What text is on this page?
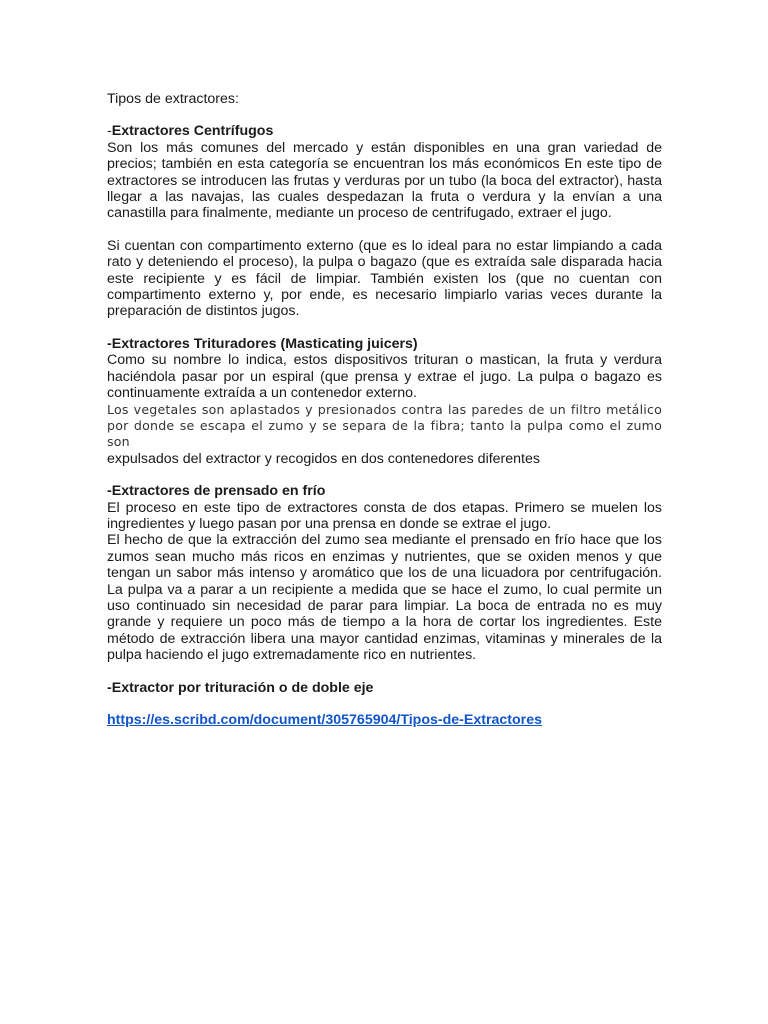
Tipos de extractores:

-Extractores Centrífugos

Son los más comunes del mercado y están disponibles en una gran variedad de precios; también en esta categoría se encuentran los más económicos En este tipo de extractores se introducen las frutas y verduras por un tubo (la boca del extractor), hasta llegar a las navajas, las cuales despedazan la fruta o verdura y la envían a una canastilla para finalmente, mediante un proceso de centrifugado, extraer el jugo.

Si cuentan con compartimento externo (que es lo ideal para no estar limpiando a cada rato y deteniendo el proceso), la pulpa o bagazo (que es extraída sale disparada hacia este recipiente y es fácil de limpiar. También existen los (que no cuentan con compartimento externo y, por ende, es necesario limpiarlo varias veces durante la preparación de distintos jugos.

-Extractores Trituradores (Masticating juicers)

Como su nombre lo indica, estos dispositivos trituran o mastican, la fruta y verdura haciéndola pasar por un espiral (que prensa y extrae el jugo. La pulpa o bagazo es continuamente extraída a un contenedor externo.

Los vegetales son aplastados y presionados contra las paredes de un filtro metálico por donde se escapa el zumo y se separa de la fibra; tanto la pulpa como el zumo son

expulsados del extractor y recogidos en dos contenedores diferentes

-Extractores de prensado en frío

El proceso en este tipo de extractores consta de dos etapas. Primero se muelen los ingredientes y luego pasan por una prensa en donde se extrae el jugo.

El hecho de que la extracción del zumo sea mediante el prensado en frío hace que los zumos sean mucho más ricos en enzimas y nutrientes, que se oxiden menos y que tengan un sabor más intenso y aromático que los de una licuadora por centrifugación. La pulpa va a parar a un recipiente a medida que se hace el zumo, lo cual permite un uso continuado sin necesidad de parar para limpiar. La boca de entrada no es muy grande y requiere un poco más de tiempo a la hora de cortar los ingredientes. Este método de extracción libera una mayor cantidad enzimas, vitaminas y minerales de la pulpa haciendo el jugo extremadamente rico en nutrientes.

-Extractor por trituración o de doble eje

https://es.scribd.com/document/305765904/Tipos-de-Extractores
